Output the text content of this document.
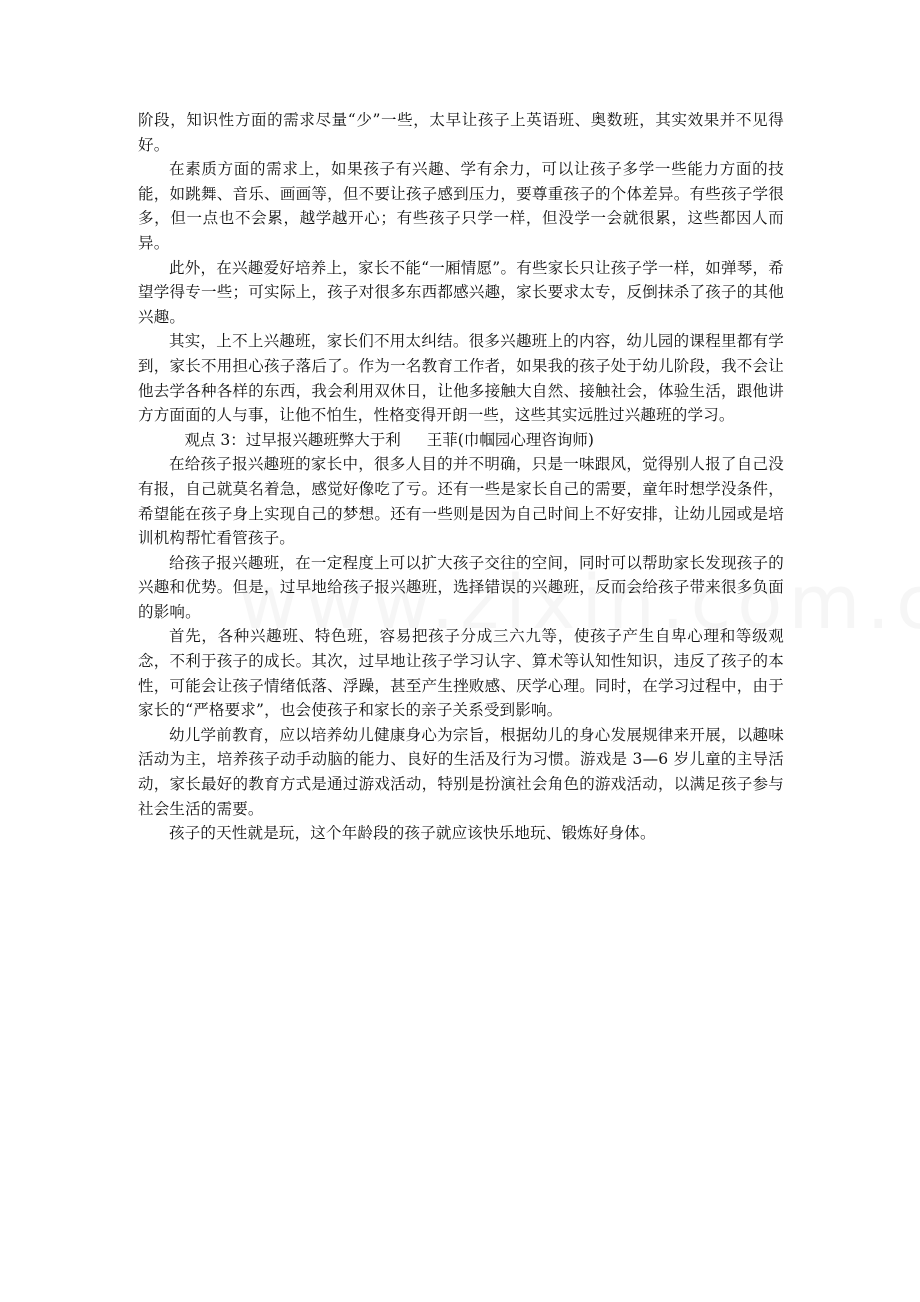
阶段，知识性方面的需求尽量“少”一些，太早让孩子上英语班、奥数班，其实效果并不见得好。

在素质方面的需求上，如果孩子有兴趣、学有余力，可以让孩子多学一些能力方面的技能，如跳舞、音乐、画画等，但不要让孩子感到压力，要尊重孩子的个体差异。有些孩子学很多，但一点也不会累，越学越开心；有些孩子只学一样，但没学一会就很累，这些都因人而异。

此外，在兴趣爱好培养上，家长不能“一厢情愿”。有些家长只让孩子学一样，如弹琴，希望学得专一些；可实际上，孩子对很多东西都感兴趣，家长要求太专，反倒抹杀了孩子的其他兴趣。

其实，上不上兴趣班，家长们不用太纠结。很多兴趣班上的内容，幼儿园的课程里都有学到，家长不用担心孩子落后了。作为一名教育工作者，如果我的孩子处于幼儿阶段，我不会让他去学各种各样的东西，我会利用双休日，让他多接触大自然、接触社会，体验生活，跟他讲方方面面的人与事，让他不怕生，性格变得开朗一些，这些其实远胜过兴趣班的学习。

观点 3：过早报兴趣班弊大于利 王菲(巾帼园心理咨询师)

在给孩子报兴趣班的家长中，很多人目的并不明确，只是一味跟风，觉得别人报了自己没有报，自己就莫名着急，感觉好像吃了亏。还有一些是家长自己的需要，童年时想学没条件，希望能在孩子身上实现自己的梦想。还有一些则是因为自己时间上不好安排，让幼儿园或是培训机构帮忙看管孩子。

给孩子报兴趣班，在一定程度上可以扩大孩子交往的空间，同时可以帮助家长发现孩子的兴趣和优势。但是，过早地给孩子报兴趣班，选择错误的兴趣班，反而会给孩子带来很多负面的影响。

首先，各种兴趣班、特色班，容易把孩子分成三六九等，使孩子产生自卑心理和等级观念，不利于孩子的成长。其次，过早地让孩子学习认字、算术等认知性知识，违反了孩子的本性，可能会让孩子情绪低落、浮躁，甚至产生挫败感、厌学心理。同时，在学习过程中，由于家长的“严格要求”，也会使孩子和家长的亲子关系受到影响。

幼儿学前教育，应以培养幼儿健康身心为宗旨，根据幼儿的身心发展规律来开展，以趣味活动为主，培养孩子动手动脑的能力、良好的生活及行为习惯。游戏是 3—6 岁儿童的主导活动，家长最好的教育方式是通过游戏活动，特别是扮演社会角色的游戏活动，以满足孩子参与社会生活的需要。

孩子的天性就是玩，这个年龄段的孩子就应该快乐地玩、锻炼好身体。
